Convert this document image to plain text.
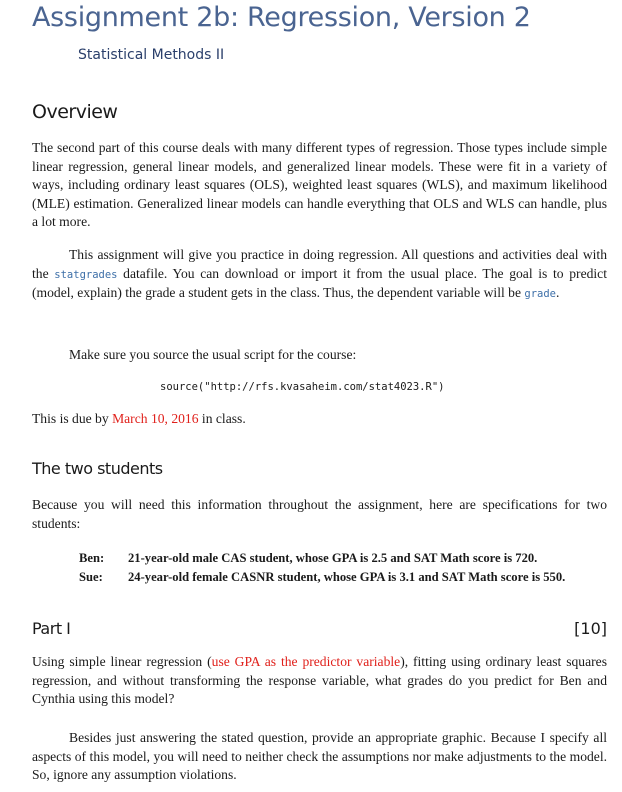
Assignment 2b: Regression, Version 2
Statistical Methods II
Overview

The second part of this course deals with many different types of regression. Those types include simple linear regression, general linear models, and generalized linear models. These were fit in a variety of ways, including ordinary least squares (OLS), weighted least squares (WLS), and maximum likelihood (MLE) estimation. Generalized linear models can handle everything that OLS and WLS can handle, plus a lot more.

This assignment will give you practice in doing regression. All questions and activities deal with the statgrades datafile. You can download or import it from the usual place. The goal is to predict (model, explain) the grade a student gets in the class. Thus, the dependent variable will be grade.

Make sure you source the usual script for the course:

source("http://rfs.kvasaheim.com/stat4023.R")

This is due by March 10, 2016 in class.

The two students

Because you will need this information throughout the assignment, here are specifications for two students:

Ben: 21-year-old male CAS student, whose GPA is 2.5 and SAT Math score is 720.
Sue: 24-year-old female CASNR student, whose GPA is 3.1 and SAT Math score is 550.
Part I	[10]

Using simple linear regression (use GPA as the predictor variable), fitting using ordinary least squares regression, and without transforming the response variable, what grades do you predict for Ben and Cynthia using this model?

Besides just answering the stated question, provide an appropriate graphic. Because I specify all aspects of this model, you will need to neither check the assumptions nor make adjustments to the model. So, ignore any assumption violations.
